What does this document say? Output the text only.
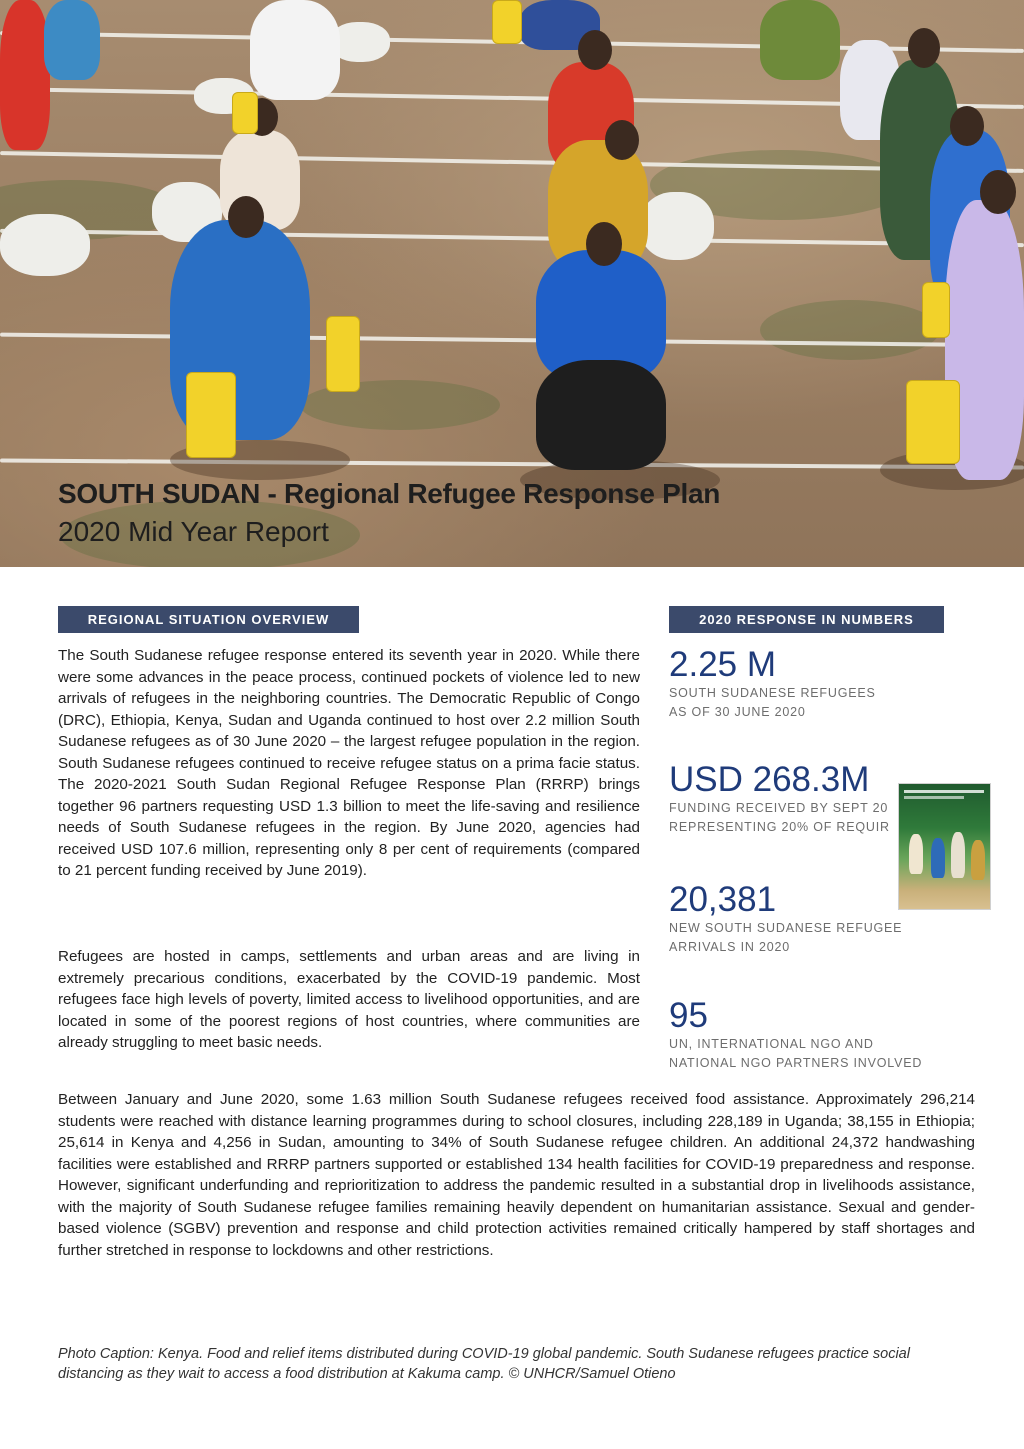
SOUTH SUDAN - Regional Refugee Response Plan
2020 Mid Year Report
REGIONAL SITUATION OVERVIEW

The South Sudanese refugee response entered its seventh year in 2020. While there were some advances in the peace process, continued pockets of violence led to new arrivals of refugees in the neighboring countries. The Democratic Republic of Congo (DRC), Ethiopia, Kenya, Sudan and Uganda continued to host over 2.2 million South Sudanese refugees as of 30 June 2020 – the largest refugee population in the region. South Sudanese refugees continued to receive refugee status on a prima facie status. The 2020-2021 South Sudan Regional Refugee Response Plan (RRRP) brings together 96 partners requesting USD 1.3 billion to meet the life-saving and resilience needs of South Sudanese refugees in the region. By June 2020, agencies had received USD 107.6 million, representing only 8 per cent of requirements (compared to 21 percent funding received by June 2019).

Refugees are hosted in camps, settlements and urban areas and are living in extremely precarious conditions, exacerbated by the COVID-19 pandemic. Most refugees face high levels of poverty, limited access to livelihood opportunities, and are located in some of the poorest regions of host countries, where communities are already struggling to meet basic needs.

2020 RESPONSE IN NUMBERS
2.25 M
SOUTH SUDANESE REFUGEES
AS OF 30 JUNE 2020
USD 268.3M
FUNDING RECEIVED BY SEPT 20
REPRESENTING 20% OF REQUIR
20,381
NEW SOUTH SUDANESE REFUGEE
ARRIVALS IN 2020
95
UN, INTERNATIONAL NGO AND
NATIONAL NGO PARTNERS INVOLVED

Between January and June 2020, some 1.63 million South Sudanese refugees received food assistance. Approximately 296,214 students were reached with distance learning programmes during to school closures, including 228,189 in Uganda; 38,155 in Ethiopia; 25,614 in Kenya and 4,256 in Sudan, amounting to 34% of South Sudanese refugee children. An additional 24,372 handwashing facilities were established and RRRP partners supported or established 134 health facilities for COVID-19 preparedness and response. However, significant underfunding and reprioritization to address the pandemic resulted in a substantial drop in livelihoods assistance, with the majority of South Sudanese refugee families remaining heavily dependent on humanitarian assistance. Sexual and gender-based violence (SGBV) prevention and response and child protection activities remained critically hampered by staff shortages and further stretched in response to lockdowns and other restrictions.

Photo Caption: Kenya. Food and relief items distributed during COVID-19 global pandemic. South Sudanese refugees practice social distancing as they wait to access a food distribution at Kakuma camp. © UNHCR/Samuel Otieno
